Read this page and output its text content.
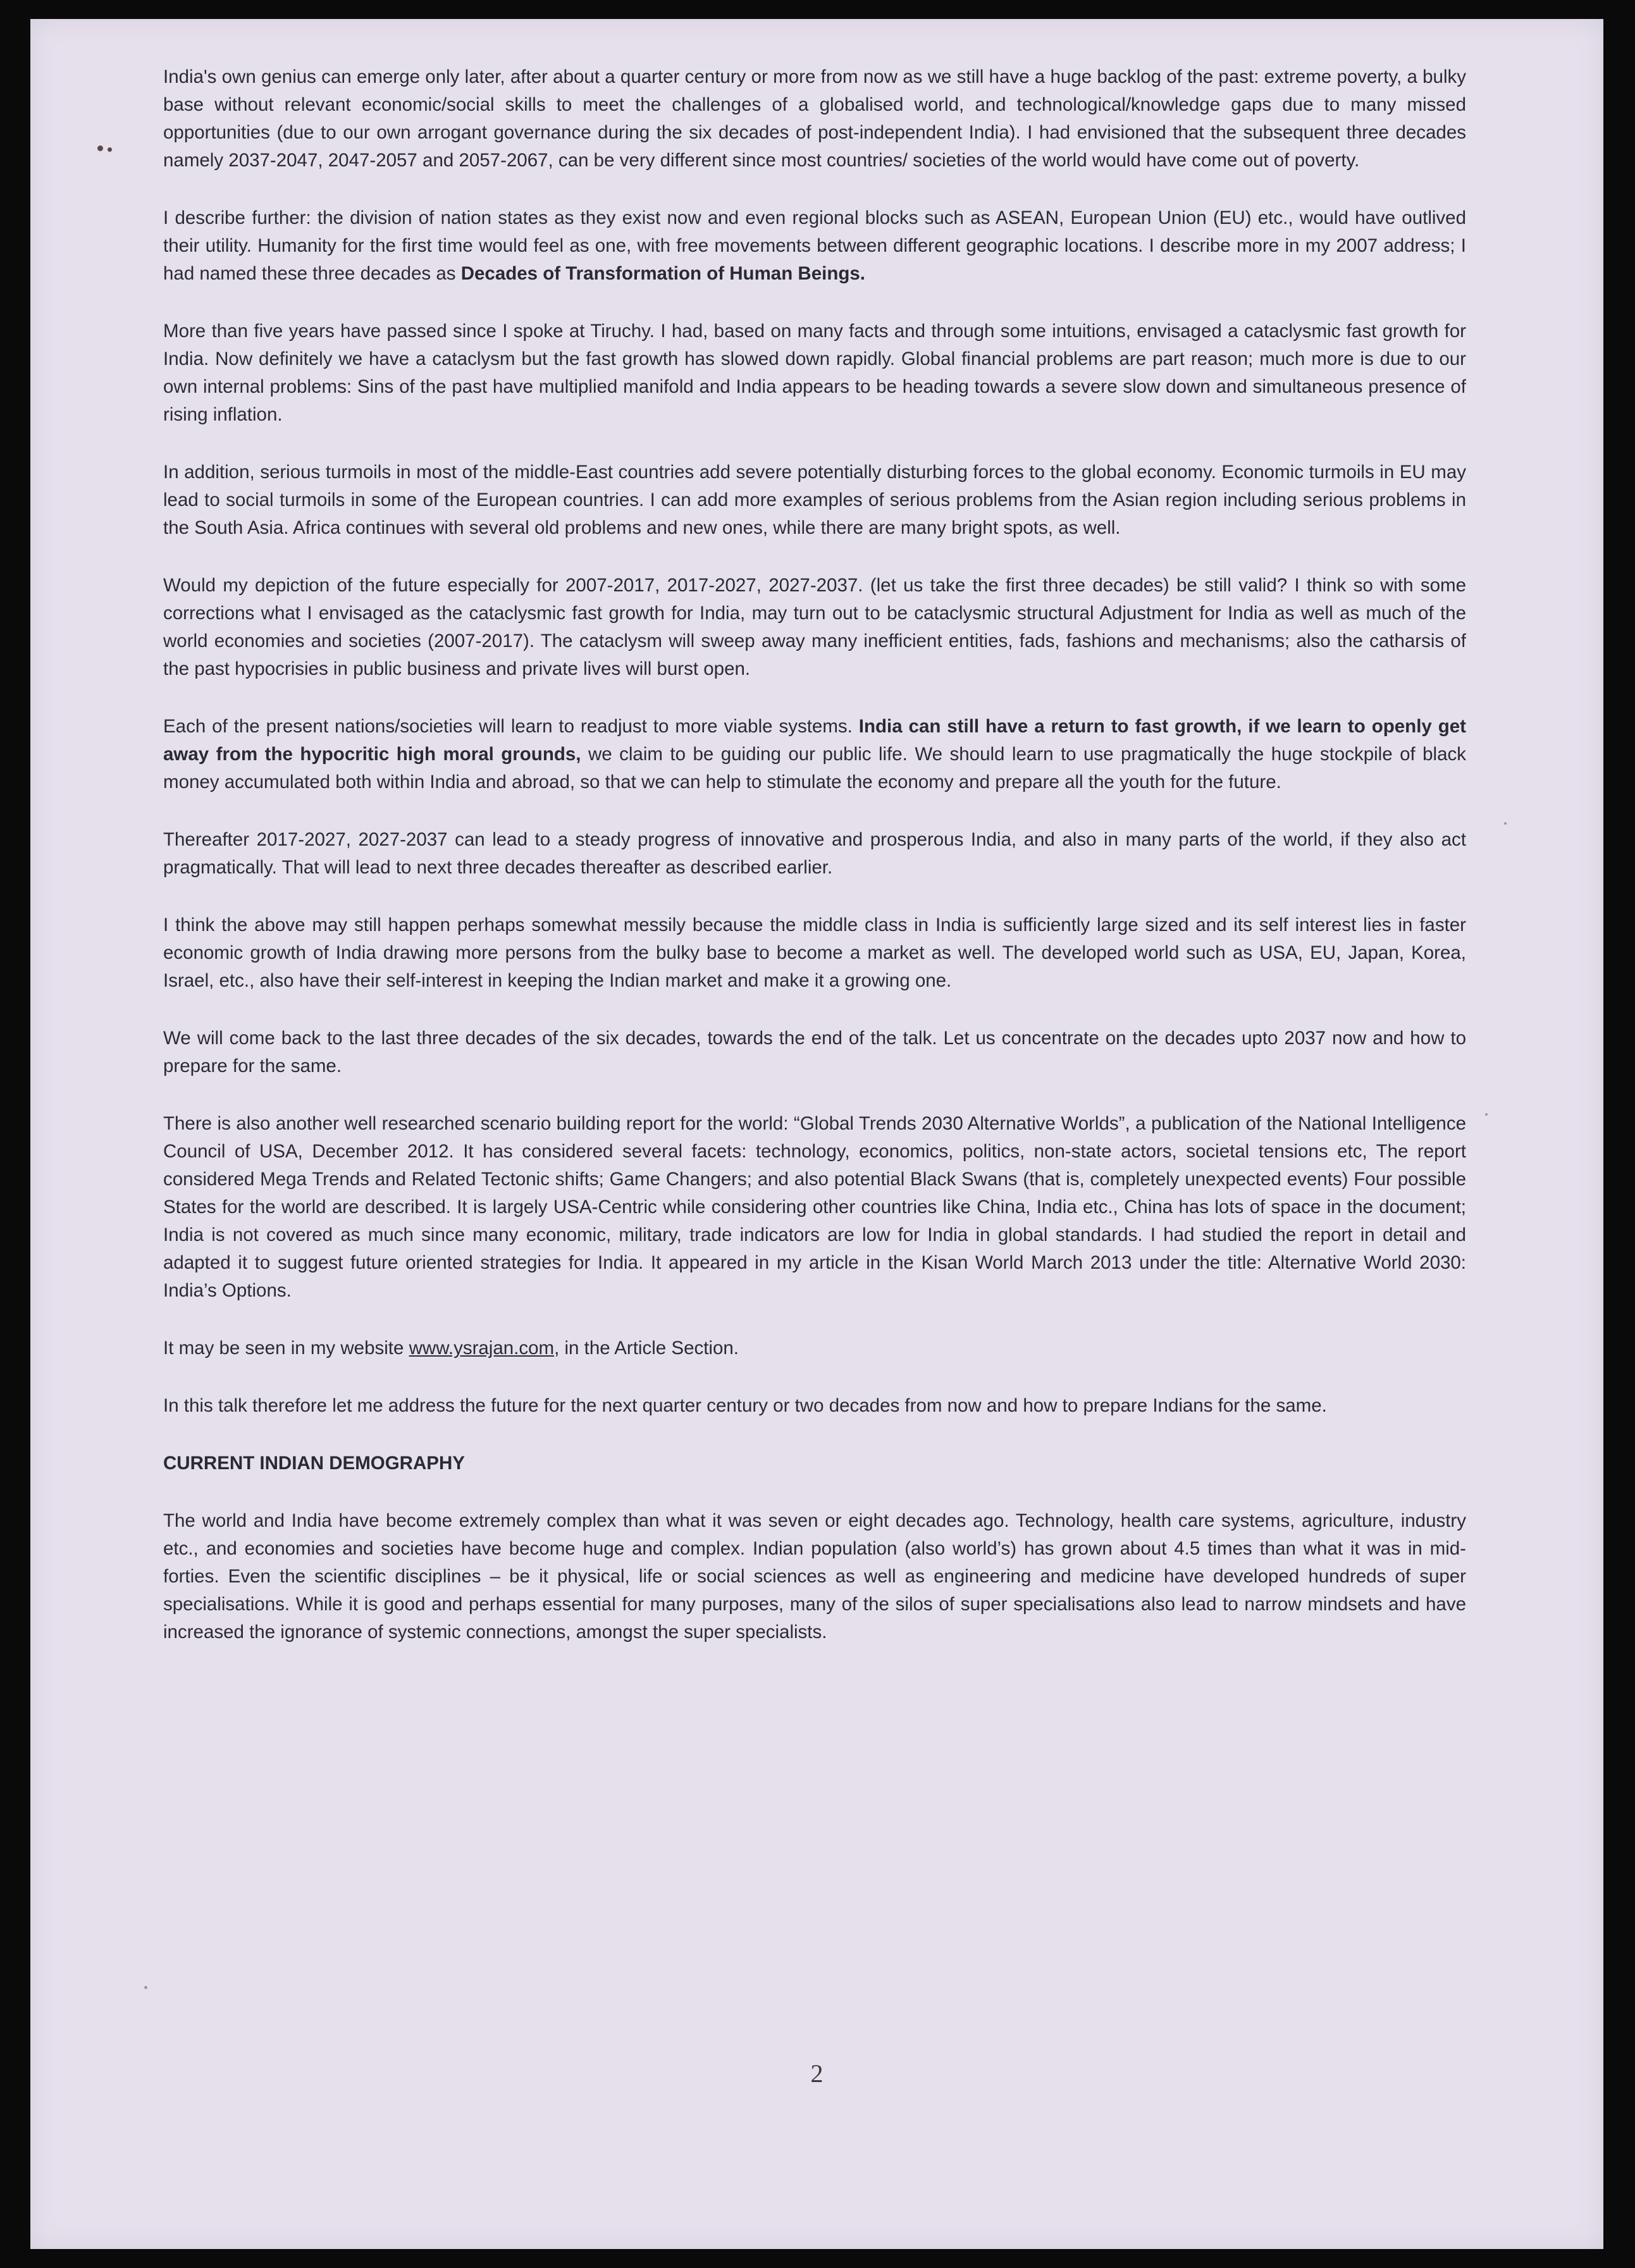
India's own genius can emerge only later, after about a quarter century or more from now as we still have a huge backlog of the past: extreme poverty, a bulky base without relevant economic/social skills to meet the challenges of a globalised world, and technological/knowledge gaps due to many missed opportunities (due to our own arrogant governance during the six decades of post-independent India). I had envisioned that the subsequent three decades namely 2037-2047, 2047-2057 and 2057-2067, can be very different since most countries/ societies of the world would have come out of poverty.

I describe further: the division of nation states as they exist now and even regional blocks such as ASEAN, European Union (EU) etc., would have outlived their utility. Humanity for the first time would feel as one, with free movements between different geographic locations. I describe more in my 2007 address; I had named these three decades as Decades of Transformation of Human Beings.

More than five years have passed since I spoke at Tiruchy. I had, based on many facts and through some intuitions, envisaged a cataclysmic fast growth for India. Now definitely we have a cataclysm but the fast growth has slowed down rapidly. Global financial problems are part reason; much more is due to our own internal problems: Sins of the past have multiplied manifold and India appears to be heading towards a severe slow down and simultaneous presence of rising inflation.

In addition, serious turmoils in most of the middle-East countries add severe potentially disturbing forces to the global economy. Economic turmoils in EU may lead to social turmoils in some of the European countries. I can add more examples of serious problems from the Asian region including serious problems in the South Asia. Africa continues with several old problems and new ones, while there are many bright spots, as well.

Would my depiction of the future especially for 2007-2017, 2017-2027, 2027-2037. (let us take the first three decades) be still valid? I think so with some corrections what I envisaged as the cataclysmic fast growth for India, may turn out to be cataclysmic structural Adjustment for India as well as much of the world economies and societies (2007-2017). The cataclysm will sweep away many inefficient entities, fads, fashions and mechanisms; also the catharsis of the past hypocrisies in public business and private lives will burst open.

Each of the present nations/societies will learn to readjust to more viable systems. India can still have a return to fast growth, if we learn to openly get away from the hypocritic high moral grounds, we claim to be guiding our public life. We should learn to use pragmatically the huge stockpile of black money accumulated both within India and abroad, so that we can help to stimulate the economy and prepare all the youth for the future.

Thereafter 2017-2027, 2027-2037 can lead to a steady progress of innovative and prosperous India, and also in many parts of the world, if they also act pragmatically. That will lead to next three decades thereafter as described earlier.

I think the above may still happen perhaps somewhat messily because the middle class in India is sufficiently large sized and its self interest lies in faster economic growth of India drawing more persons from the bulky base to become a market as well. The developed world such as USA, EU, Japan, Korea, Israel, etc., also have their self-interest in keeping the Indian market and make it a growing one.

We will come back to the last three decades of the six decades, towards the end of the talk. Let us concentrate on the decades upto 2037 now and how to prepare for the same.

There is also another well researched scenario building report for the world: “Global Trends 2030 Alternative Worlds”, a publication of the National Intelligence Council of USA, December 2012. It has considered several facets: technology, economics, politics, non-state actors, societal tensions etc, The report considered Mega Trends and Related Tectonic shifts; Game Changers; and also potential Black Swans (that is, completely unexpected events) Four possible States for the world are described. It is largely USA-Centric while considering other countries like China, India etc., China has lots of space in the document; India is not covered as much since many economic, military, trade indicators are low for India in global standards. I had studied the report in detail and adapted it to suggest future oriented strategies for India. It appeared in my article in the Kisan World March 2013 under the title: Alternative World 2030: India’s Options.

It may be seen in my website www.ysrajan.com, in the Article Section.

In this talk therefore let me address the future for the next quarter century or two decades from now and how to prepare Indians for the same.

CURRENT INDIAN DEMOGRAPHY

The world and India have become extremely complex than what it was seven or eight decades ago. Technology, health care systems, agriculture, industry etc., and economies and societies have become huge and complex. Indian population (also world’s) has grown about 4.5 times than what it was in mid-forties. Even the scientific disciplines – be it physical, life or social sciences as well as engineering and medicine have developed hundreds of super specialisations. While it is good and perhaps essential for many purposes, many of the silos of super specialisations also lead to narrow mindsets and have increased the ignorance of systemic connections, amongst the super specialists.

2
